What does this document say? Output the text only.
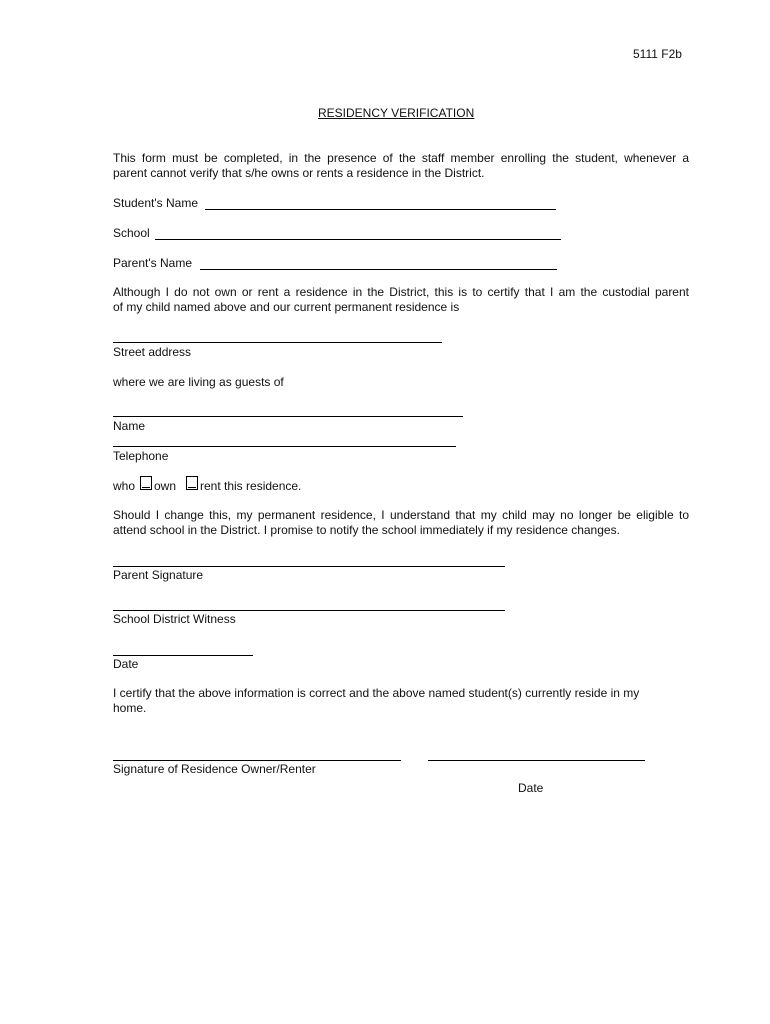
5111 F2b
RESIDENCY VERIFICATION
This form must be completed, in the presence of the staff member enrolling the student, whenever a
parent cannot verify that s/he owns or rents a residence in the District.
Student's Name
School
Parent's Name
Although I do not own or rent a residence in the District, this is to certify that I am the custodial parent
of my child named above and our current permanent residence is
Street address
where we are living as guests of
Name
Telephone
who own rent this residence.
Should I change this, my permanent residence, I understand that my child may no longer be eligible to
attend school in the District. I promise to notify the school immediately if my residence changes.
Parent Signature
School District Witness
Date
I certify that the above information is correct and the above named student(s) currently reside in my
home.
Signature of Residence Owner/Renter
Date
